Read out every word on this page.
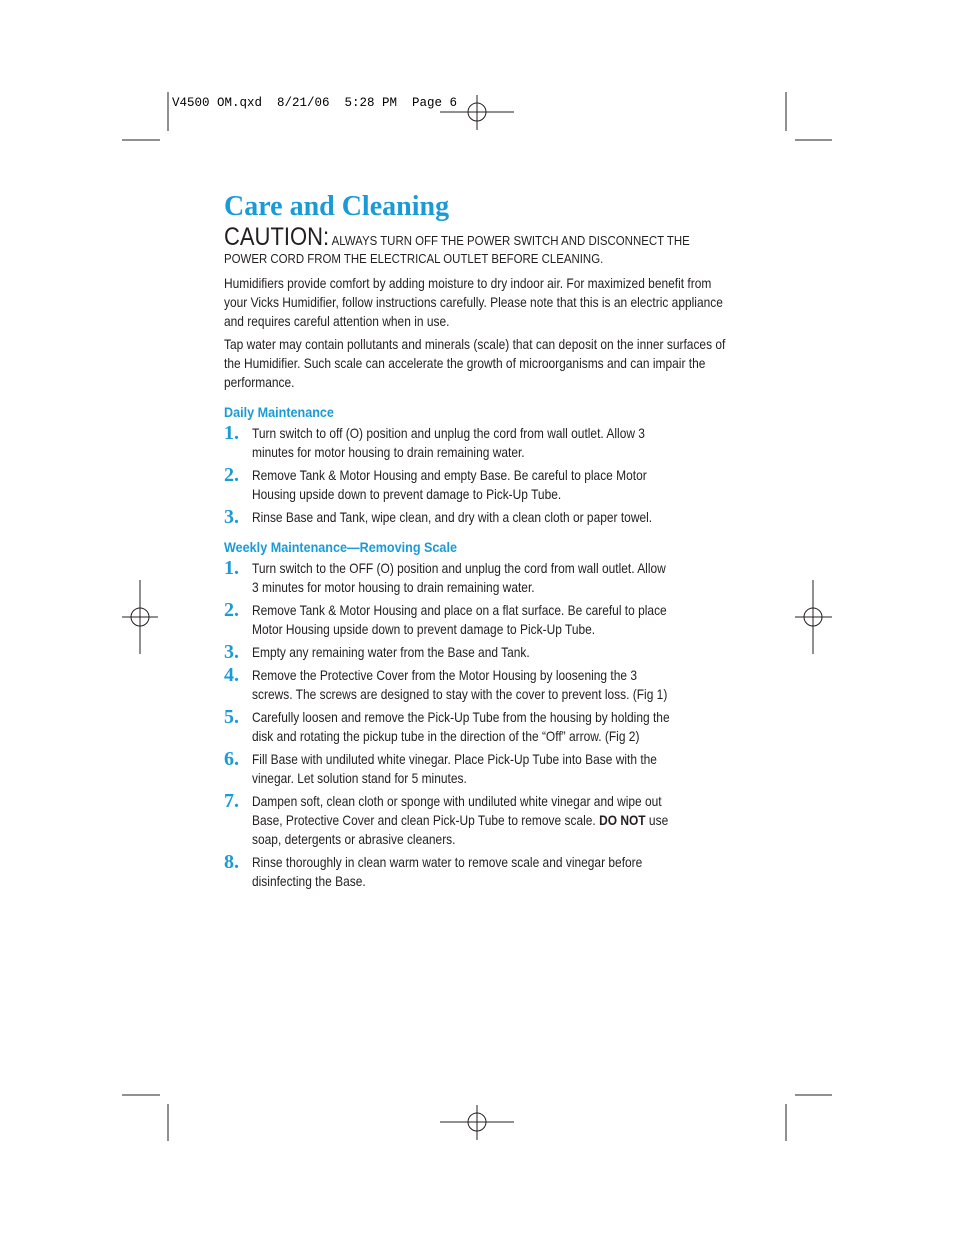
V4500 OM.qxd  8/21/06  5:28 PM  Page 6
Care and Cleaning
CAUTION: ALWAYS TURN OFF THE POWER SWITCH AND DISCONNECT THE POWER CORD FROM THE ELECTRICAL OUTLET BEFORE CLEANING.

Humidifiers provide comfort by adding moisture to dry indoor air. For maximized benefit from your Vicks Humidifier, follow instructions carefully. Please note that this is an electric appliance and requires careful attention when in use.

Tap water may contain pollutants and minerals (scale) that can deposit on the inner surfaces of the Humidifier. Such scale can accelerate the growth of microorganisms and can impair the performance.

Daily Maintenance
1. Turn switch to off (O) position and unplug the cord from wall outlet. Allow 3 minutes for motor housing to drain remaining water.
2. Remove Tank & Motor Housing and empty Base. Be careful to place Motor Housing upside down to prevent damage to Pick-Up Tube.
3. Rinse Base and Tank, wipe clean, and dry with a clean cloth or paper towel.
Weekly Maintenance—Removing Scale
1. Turn switch to the OFF (O) position and unplug the cord from wall outlet. Allow 3 minutes for motor housing to drain remaining water.
2. Remove Tank & Motor Housing and place on a flat surface. Be careful to place Motor Housing upside down to prevent damage to Pick-Up Tube.
3. Empty any remaining water from the Base and Tank.
4. Remove the Protective Cover from the Motor Housing by loosening the 3 screws. The screws are designed to stay with the cover to prevent loss. (Fig 1)
5. Carefully loosen and remove the Pick-Up Tube from the housing by holding the disk and rotating the pickup tube in the direction of the “Off” arrow. (Fig 2)
6. Fill Base with undiluted white vinegar. Place Pick-Up Tube into Base with the vinegar. Let solution stand for 5 minutes.
7. Dampen soft, clean cloth or sponge with undiluted white vinegar and wipe out Base, Protective Cover and clean Pick-Up Tube to remove scale. DO NOT use soap, detergents or abrasive cleaners.
8. Rinse thoroughly in clean warm water to remove scale and vinegar before disinfecting the Base.
